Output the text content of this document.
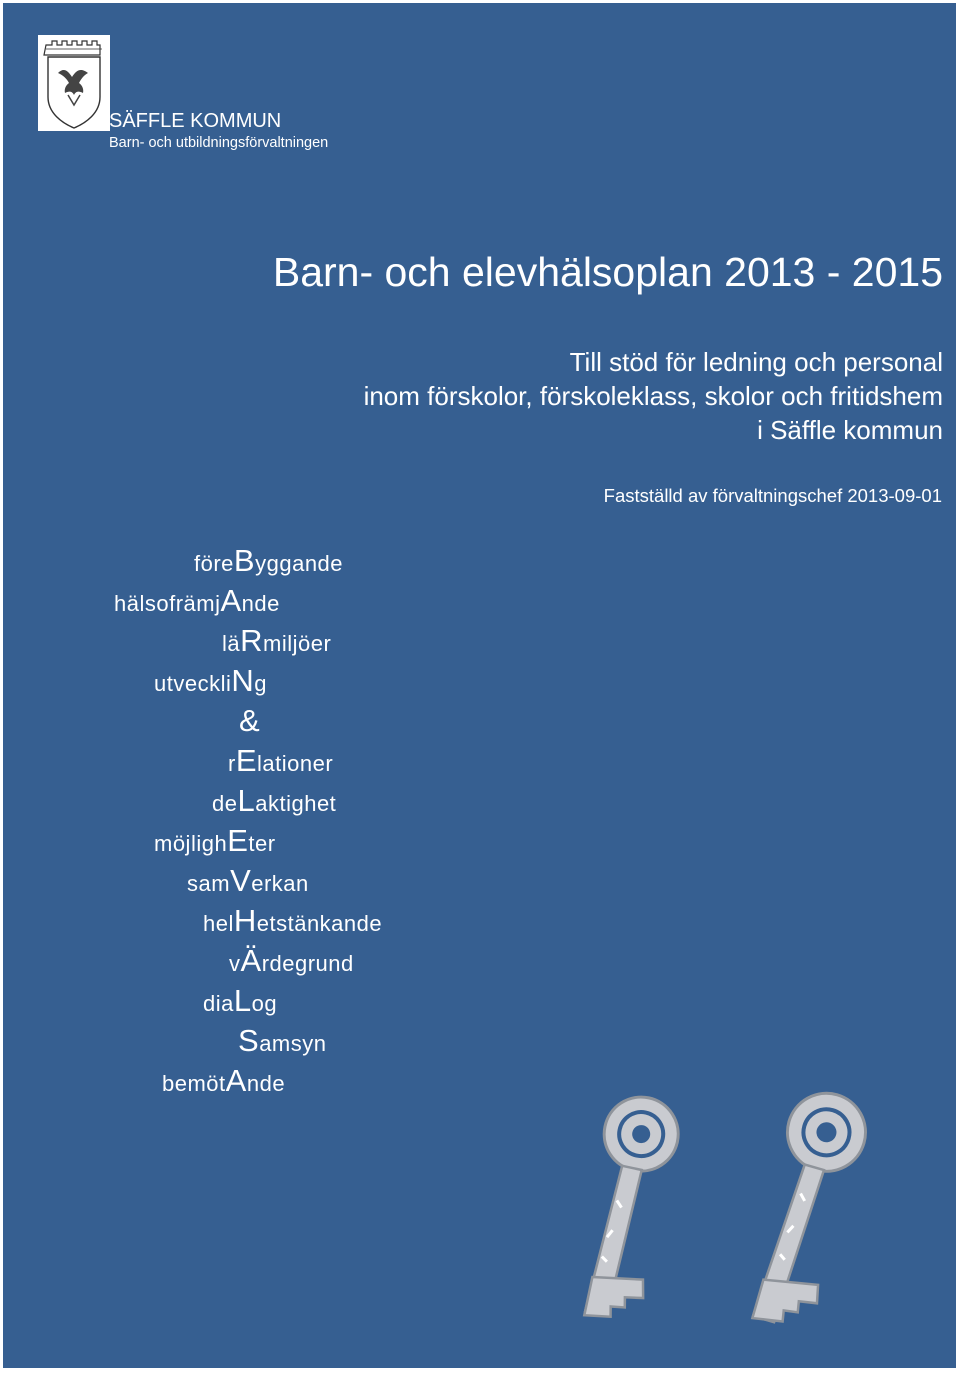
SÄFFLE KOMMUN
Barn- och utbildningsförvaltningen
Barn- och elevhälsoplan 2013 - 2015
Till stöd för ledning och personal
inom förskolor, förskoleklass, skolor och fritidshem
i Säffle kommun
Fastställd av förvaltningschef 2013-09-01
föreByggande
hälsofrämjAnde
läRmiljöer
utveckliNg
&
rElationer
deLaktighet
möjlighEter
samVerkan
helHetstänkande
vÄrdegrund
diaLog
Samsyn
bemötAnde
